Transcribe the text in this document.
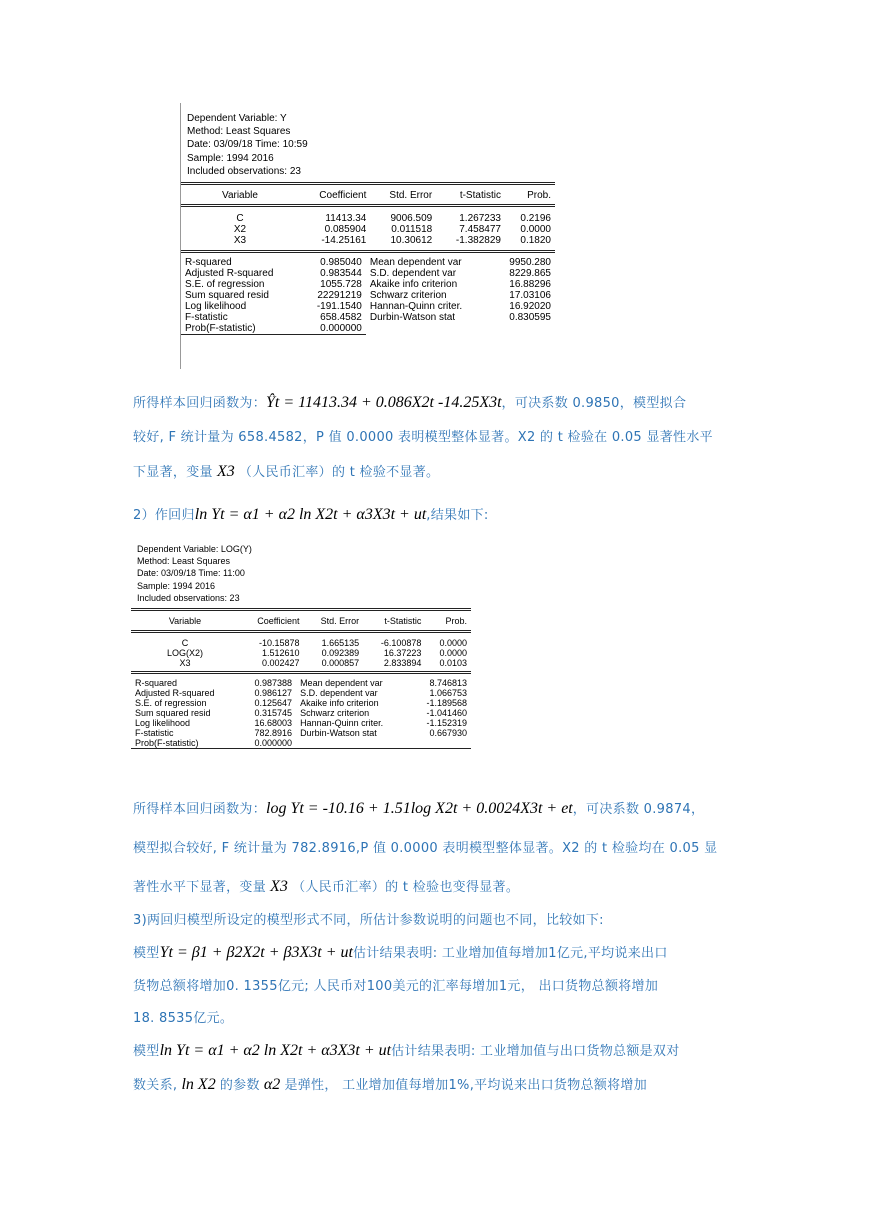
Dependent Variable: Y
Method: Least Squares
Date: 03/09/18 Time: 10:59
Sample: 1994 2016
Included observations: 23

Variable	Coefficient	Std. Error	t-Statistic	Prob.

C	11413.34	9006.509	1.267233	0.2196
X2	0.085904	0.011518	7.458477	0.0000
X3	-14.25161	10.30612	-1.382829	0.1820

R-squared	0.985040	Mean dependent var	9950.280
Adjusted R-squared	0.983544	S.D. dependent var	8229.865
S.E. of regression	1055.728	Akaike info criterion	16.88296
Sum squared resid	22291219	Schwarz criterion	17.03106
Log likelihood	-191.1540	Hannan-Quinn criter.	16.92020
F-statistic	658.4582	Durbin-Watson stat	0.830595
Prob(F-statistic)	0.000000		

所得样本回归函数为：Ŷt = 11413.34 + 0.086X2t -14.25X3t，可决系数 0.9850，模型拟合
较好, F 统计量为 658.4582，P 值 0.0000 表明模型整体显著。X2 的 t 检验在 0.05 显著性水平
下显著，变量 X3 （人民币汇率）的 t 检验不显著。
2）作回归ln Yt = α1 + α2 ln X2t + α3X3t + ut,结果如下:
Dependent Variable: LOG(Y)
Method: Least Squares
Date: 03/09/18 Time: 11:00
Sample: 1994 2016
Included observations: 23

Variable	Coefficient	Std. Error	t-Statistic	Prob.

C	-10.15878	1.665135	-6.100878	0.0000
LOG(X2)	1.512610	0.092389	16.37223	0.0000
X3	0.002427	0.000857	2.833894	0.0103

R-squared	0.987388	Mean dependent var	8.746813
Adjusted R-squared	0.986127	S.D. dependent var	1.066753
S.E. of regression	0.125647	Akaike info criterion	-1.189568
Sum squared resid	0.315745	Schwarz criterion	-1.041460
Log likelihood	16.68003	Hannan-Quinn criter.	-1.152319
F-statistic	782.8916	Durbin-Watson stat	0.667930
Prob(F-statistic)	0.000000		

所得样本回归函数为：log Yt = -10.16 + 1.51log X2t + 0.0024X3t + et，可决系数 0.9874，
模型拟合较好, F 统计量为 782.8916,P 值 0.0000 表明模型整体显著。X2 的 t 检验均在 0.05 显
著性水平下显著，变量 X3 （人民币汇率）的 t 检验也变得显著。
3)两回归模型所设定的模型形式不同，所估计参数说明的问题也不同，比较如下:
模型Yt = β1 + β2X2t + β3X3t + ut估计结果表明: 工业增加值每增加1亿元,平均说来出口
货物总额将增加0. 1355亿元; 人民币对100美元的汇率每增加1元， 出口货物总额将增加
18. 8535亿元。
模型ln Yt = α1 + α2 ln X2t + α3X3t + ut估计结果表明: 工业增加值与出口货物总额是双对
数关系, ln X2 的参数 α2 是弹性， 工业增加值每增加1%,平均说来出口货物总额将增加
